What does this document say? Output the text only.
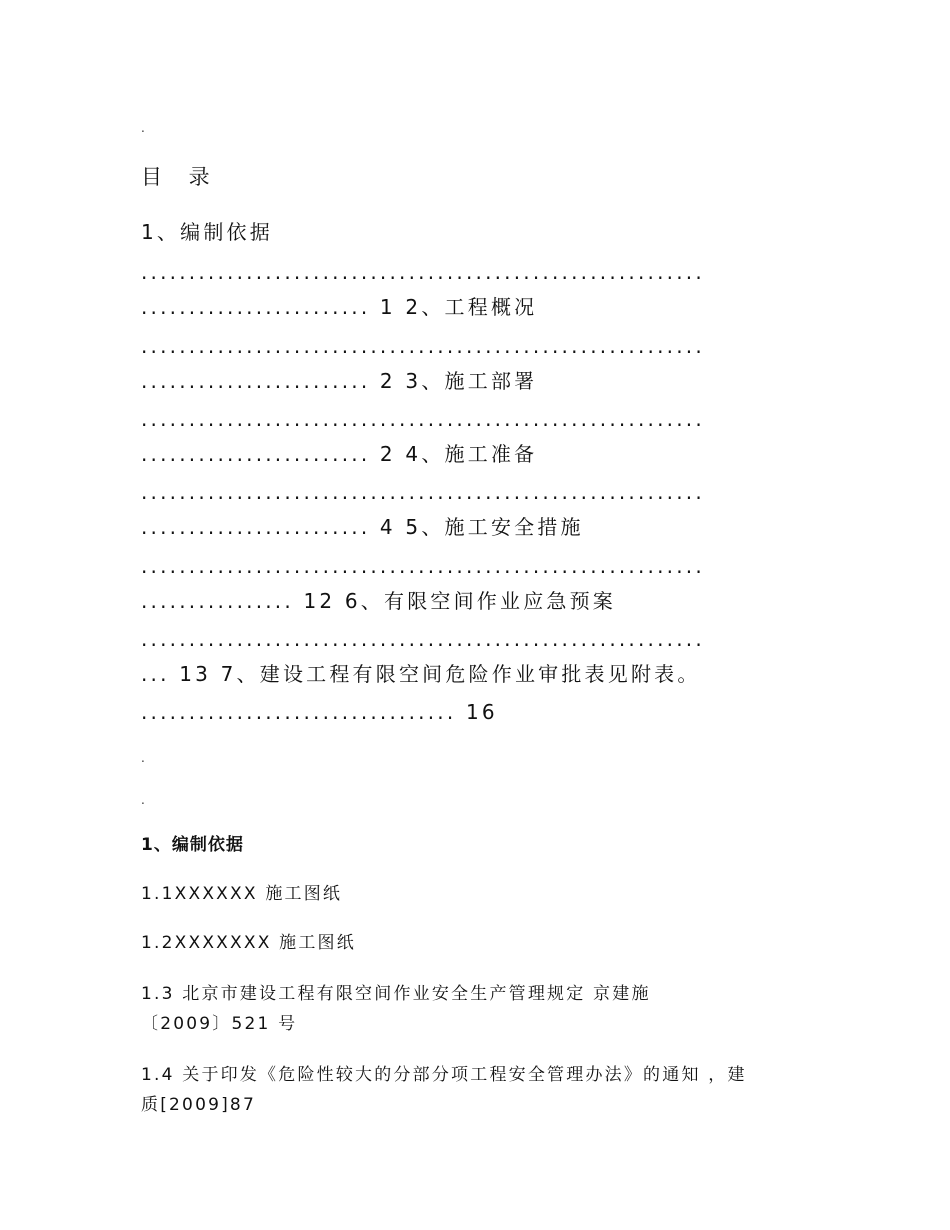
.
目 录
1、编制依据
...........................................................
........................ 1 2、工程概况
...........................................................
........................ 2 3、施工部署
...........................................................
........................ 2 4、施工准备
...........................................................
........................ 4 5、施工安全措施
...........................................................
................ 12 6、有限空间作业应急预案
...........................................................
... 13 7、建设工程有限空间危险作业审批表见附表。
................................. 16
.
.
1、编制依据
1.1XXXXXX 施工图纸
1.2XXXXXXX 施工图纸
1.3 北京市建设工程有限空间作业安全生产管理规定 京建施
〔2009〕521 号
1.4 关于印发《危险性较大的分部分项工程安全管理办法》的通知 ，建
质[2009]87
